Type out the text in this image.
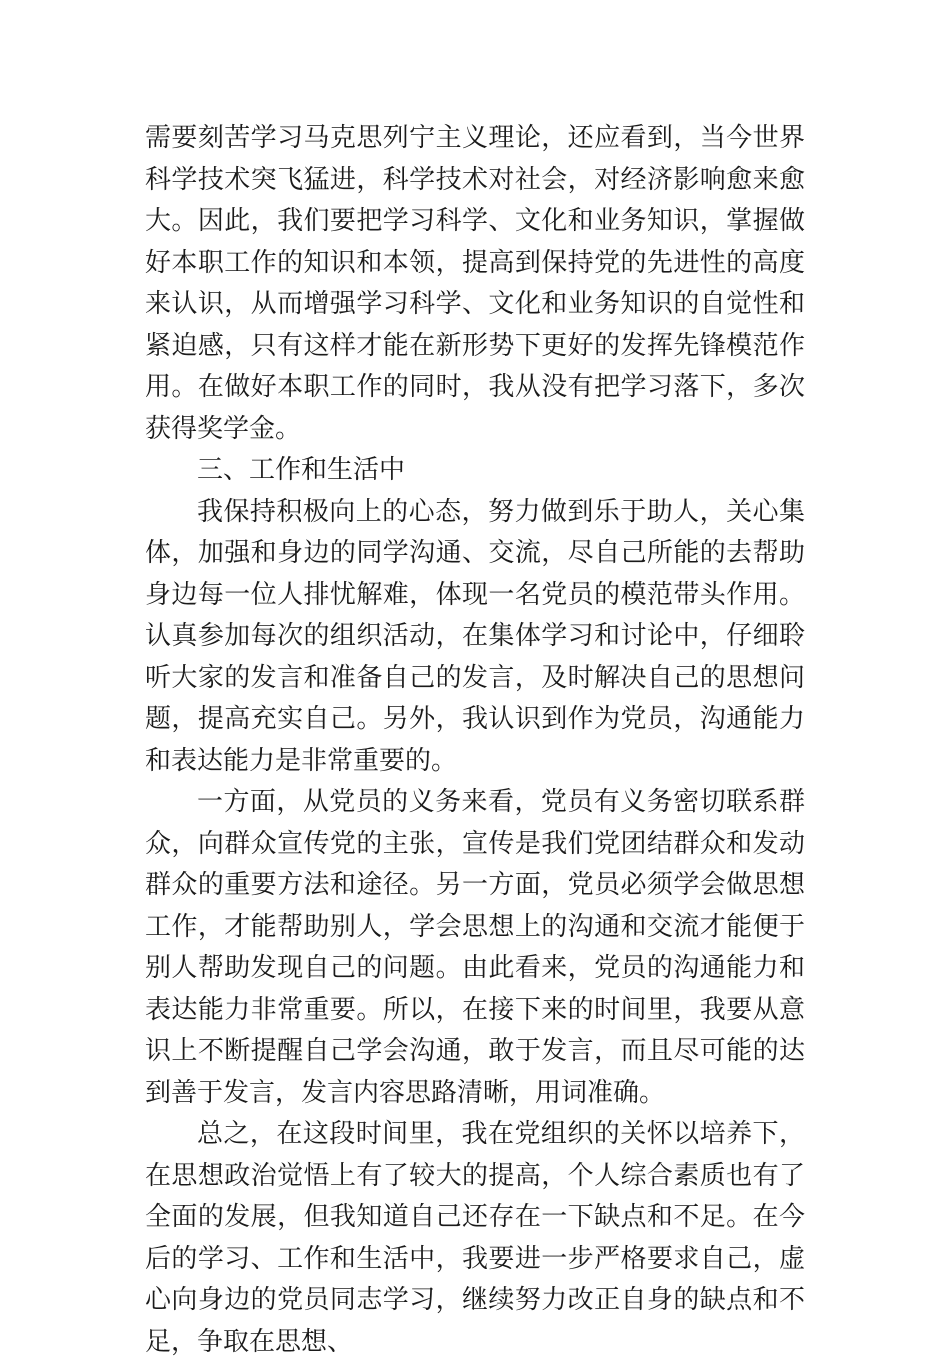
需要刻苦学习马克思列宁主义理论，还应看到，当今世界科学技术突飞猛进，科学技术对社会，对经济影响愈来愈大。因此，我们要把学习科学、文化和业务知识，掌握做好本职工作的知识和本领，提高到保持党的先进性的高度来认识，从而增强学习科学、文化和业务知识的自觉性和紧迫感，只有这样才能在新形势下更好的发挥先锋模范作用。在做好本职工作的同时，我从没有把学习落下，多次获得奖学金。

三、工作和生活中

我保持积极向上的心态，努力做到乐于助人，关心集体，加强和身边的同学沟通、交流，尽自己所能的去帮助身边每一位人排忧解难，体现一名党员的模范带头作用。认真参加每次的组织活动，在集体学习和讨论中，仔细聆听大家的发言和准备自己的发言，及时解决自己的思想问题，提高充实自己。另外，我认识到作为党员，沟通能力和表达能力是非常重要的。

一方面，从党员的义务来看，党员有义务密切联系群众，向群众宣传党的主张，宣传是我们党团结群众和发动群众的重要方法和途径。另一方面，党员必须学会做思想工作，才能帮助别人，学会思想上的沟通和交流才能便于别人帮助发现自己的问题。由此看来，党员的沟通能力和表达能力非常重要。所以，在接下来的时间里，我要从意识上不断提醒自己学会沟通，敢于发言，而且尽可能的达到善于发言，发言内容思路清晰，用词准确。

总之，在这段时间里，我在党组织的关怀以培养下，在思想政治觉悟上有了较大的提高，个人综合素质也有了全面的发展，但我知道自己还存在一下缺点和不足。在今后的学习、工作和生活中，我要进一步严格要求自己，虚心向身边的党员同志学习，继续努力改正自身的缺点和不足，争取在思想、
